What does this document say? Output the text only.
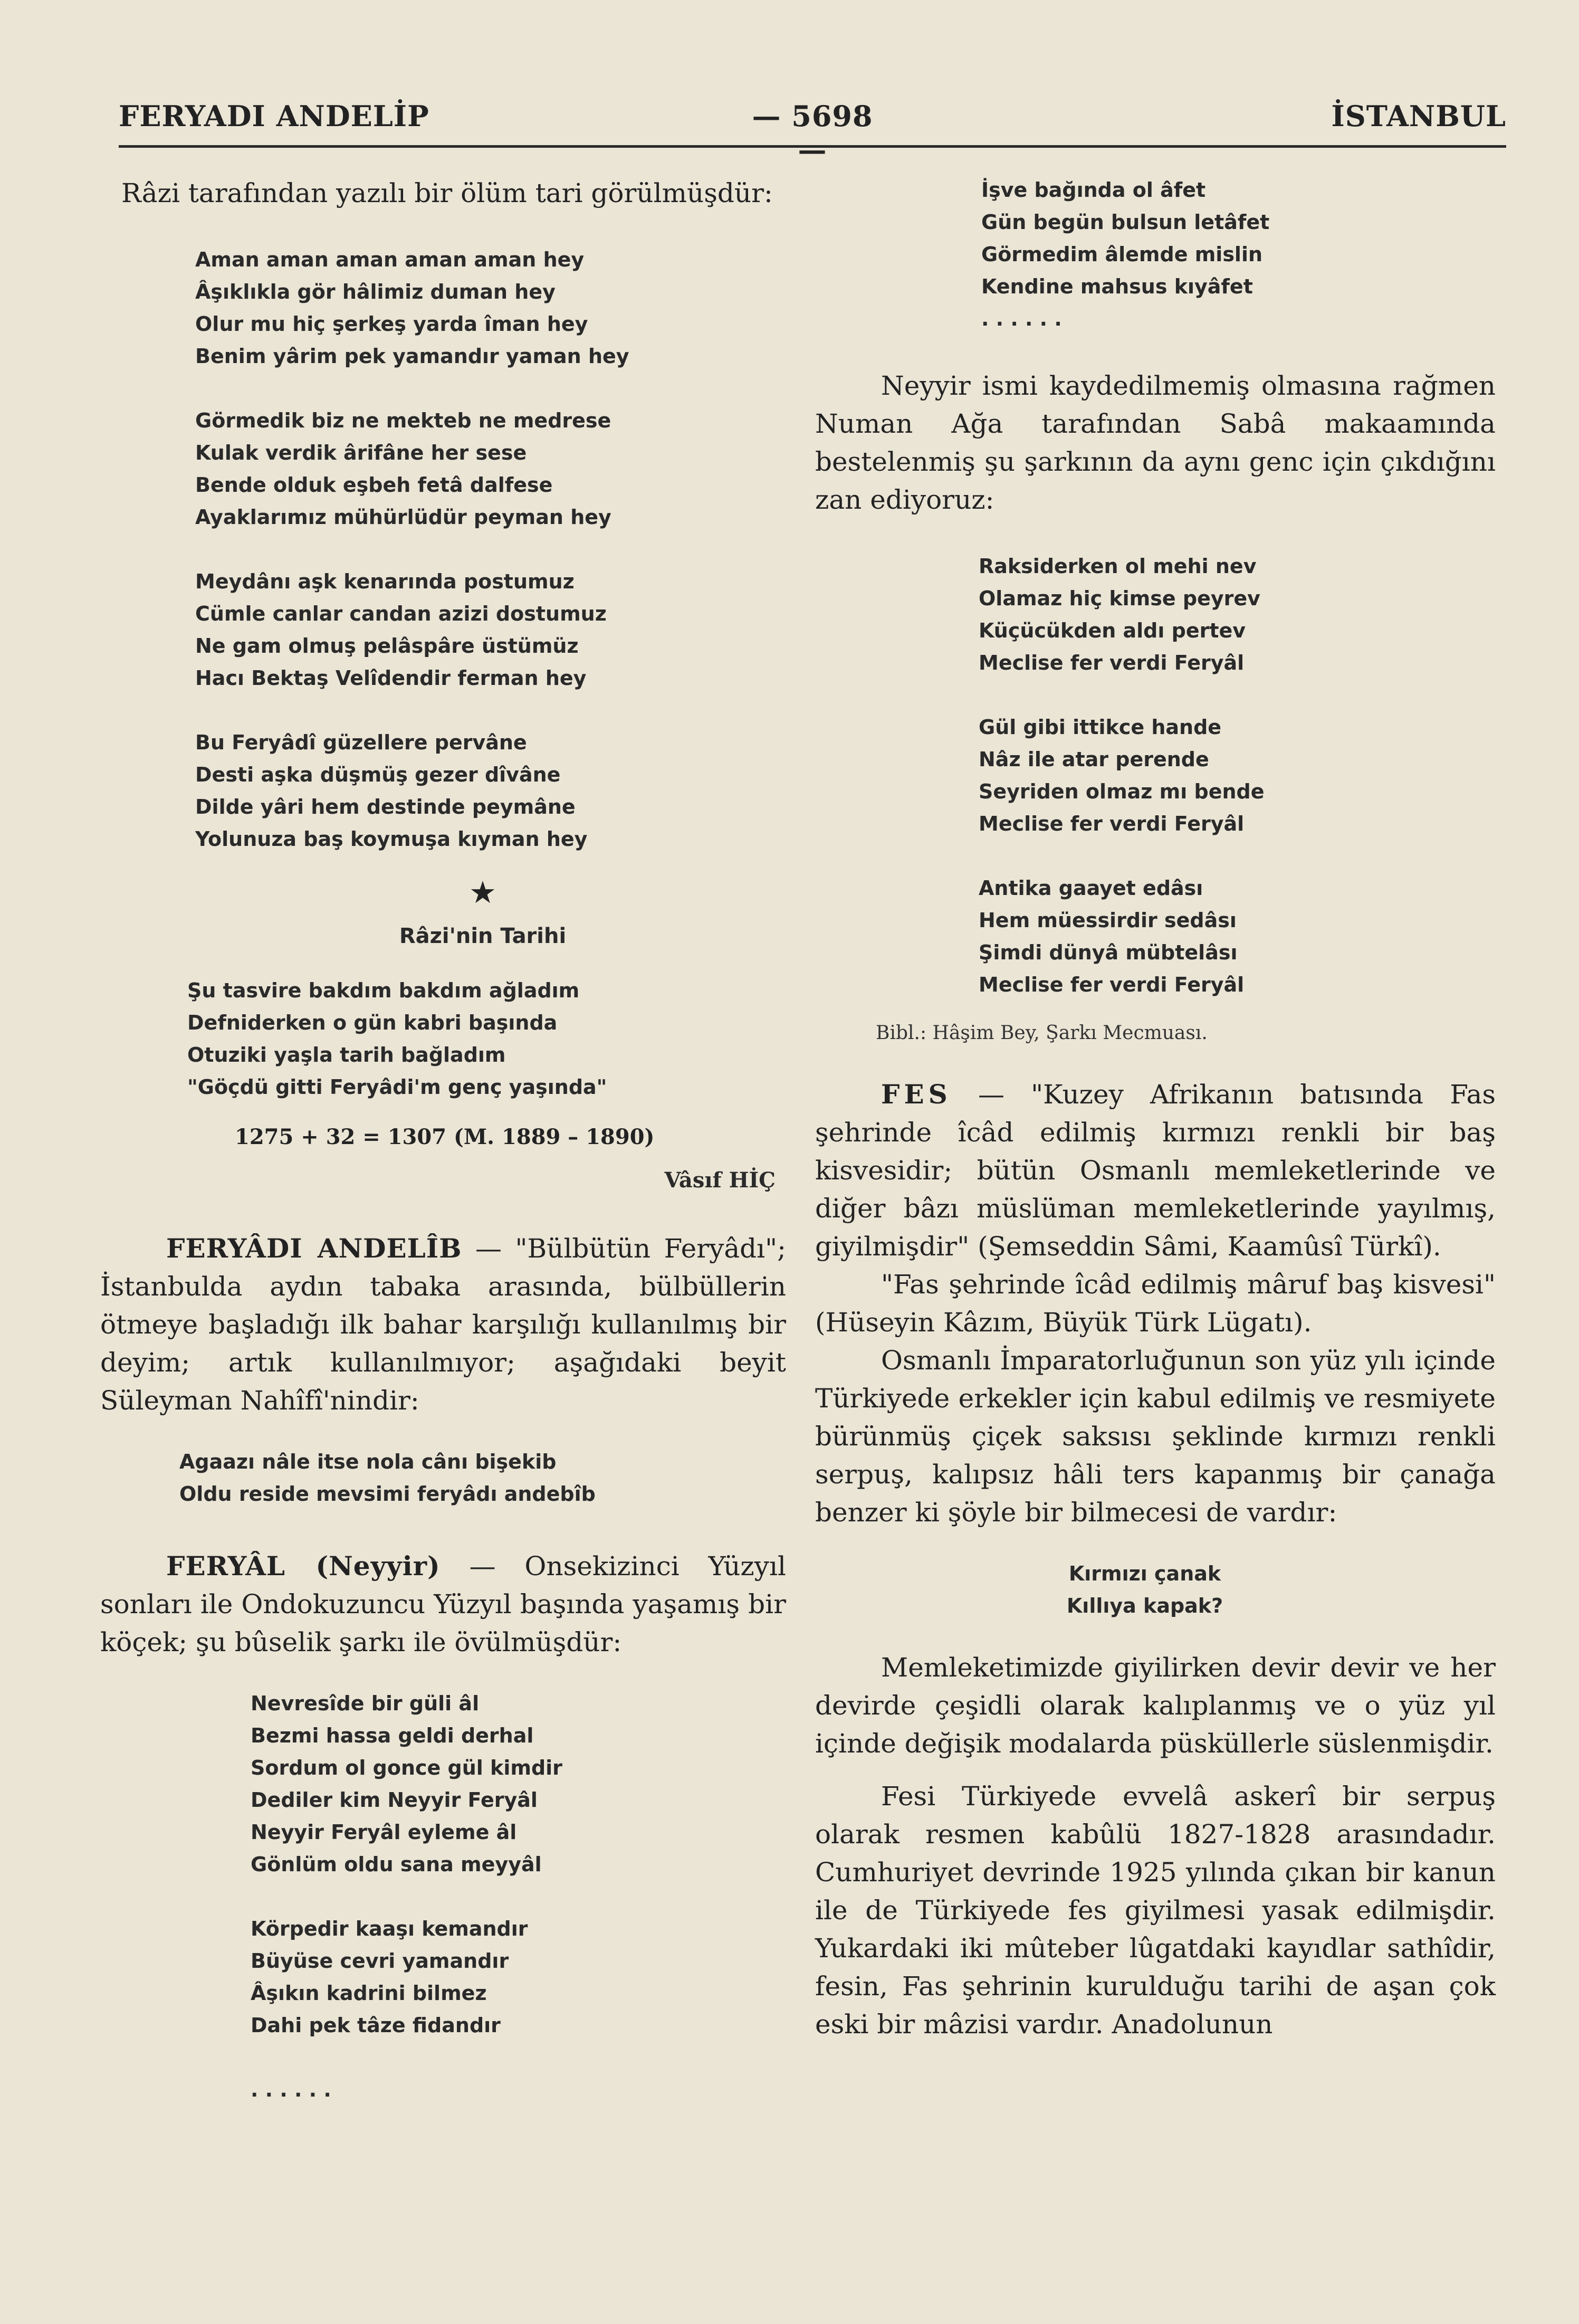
FERYADI ANDELİP	— 5698 —
İSTANBUL

Râzi tarafından yazılı bir ölüm tari görülmüşdür:

Aman aman aman aman aman hey
Âşıklıkla gör hâlimiz duman hey
Olur mu hiç şerkeş yarda îman hey
Benim yârim pek yamandır yaman hey
Görmedik biz ne mekteb ne medrese
Kulak verdik ârifâne her sese
Bende olduk eşbeh fetâ dalfese
Ayaklarımız mühürlüdür peyman hey
Meydânı aşk kenarında postumuz
Cümle canlar candan azizi dostumuz
Ne gam olmuş pelâspâre üstümüz
Hacı Bektaş Velîdendir ferman hey
Bu Feryâdî güzellere pervâne
Desti aşka düşmüş gezer dîvâne
Dilde yâri hem destinde peymâne
Yolunuza baş koymuşa kıyman hey
★
Râzi'nin Tarihi
Şu tasvire bakdım bakdım ağladım
Defniderken o gün kabri başında
Otuziki yaşla tarih bağladım
"Göçdü gitti Feryâdi'm genç yaşında"
1275 + 32 = 1307 (M. 1889 – 1890)
Vâsıf HİÇ

FERYÂDI ANDELÎB — "Bülbütün Feryâdı"; İstanbulda aydın tabaka arasında, bülbüllerin ötmeye başladığı ilk bahar karşılığı kullanılmış bir deyim; artık kullanılmıyor; aşağıdaki beyit Süleyman Nahîfî'nindir:

Agaazı nâle itse nola cânı bişekib
Oldu reside mevsimi feryâdı andebîb

FERYÂL (Neyyir) — Onsekizinci Yüzyıl sonları ile Ondokuzuncu Yüzyıl başında yaşamış bir köçek; şu bûselik şarkı ile övülmüşdür:

Nevresîde bir güli âl
Bezmi hassa geldi derhal
Sordum ol gonce gül kimdir
Dediler kim Neyyir Feryâl
Neyyir Feryâl eyleme âl
Gönlüm oldu sana meyyâl
Körpedir kaaşı kemandır
Büyüse cevri yamandır
Âşıkın kadrini bilmez
Dahi pek tâze fidandır
. . . . . .
İşve bağında ol âfet
Gün begün bulsun letâfet
Görmedim âlemde mislin
Kendine mahsus kıyâfet
. . . . . .

Neyyir ismi kaydedilmemiş olmasına rağmen Numan Ağa tarafından Sabâ makaamında bestelenmiş şu şarkının da aynı genc için çıkdığını zan ediyoruz:

Raksiderken ol mehi nev
Olamaz hiç kimse peyrev
Küçücükden aldı pertev
Meclise fer verdi Feryâl
Gül gibi ittikce hande
Nâz ile atar perende
Seyriden olmaz mı bende
Meclise fer verdi Feryâl
Antika gaayet edâsı
Hem müessirdir sedâsı
Şimdi dünyâ mübtelâsı
Meclise fer verdi Feryâl
Bibl.: Hâşim Bey, Şarkı Mecmuası.

FES — "Kuzey Afrikanın batısında Fas şehrinde îcâd edilmiş kırmızı renkli bir baş kisvesidir; bütün Osmanlı memleketlerinde ve diğer bâzı müslüman memleketlerinde yayılmış, giyilmişdir" (Şemseddin Sâmi, Kaamûsî Türkî).

"Fas şehrinde îcâd edilmiş mâruf baş kisvesi" (Hüseyin Kâzım, Büyük Türk Lügatı).

Osmanlı İmparatorluğunun son yüz yılı içinde Türkiyede erkekler için kabul edilmiş ve resmiyete bürünmüş çiçek saksısı şeklinde kırmızı renkli serpuş, kalıpsız hâli ters kapanmış bir çanağa benzer ki şöyle bir bilmecesi de vardır:

Kırmızı çanak
Kıllıya kapak?

Memleketimizde giyilirken devir devir ve her devirde çeşidli olarak kalıplanmış ve o yüz yıl içinde değişik modalarda püsküllerle süslenmişdir.

Fesi Türkiyede evvelâ askerî bir serpuş olarak resmen kabûlü 1827-1828 arasındadır. Cumhuriyet devrinde 1925 yılında çıkan bir kanun ile de Türkiyede fes giyilmesi yasak edilmişdir. Yukardaki iki mûteber lûgatdaki kayıdlar sathîdir, fesin, Fas şehrinin kurulduğu tarihi de aşan çok eski bir mâzisi vardır. Anadolunun
